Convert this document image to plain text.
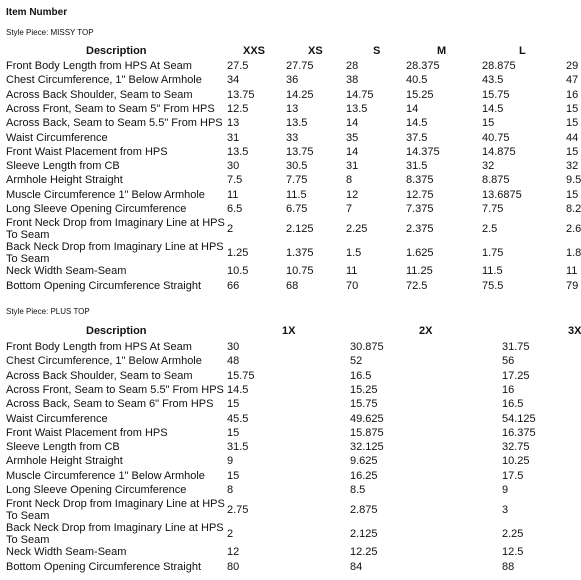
Item Number
Style Piece: MISSY TOP
Style Piece: PLUS TOP
Description	XXS	XS	S	M	L
Front Body Length from HPS At Seam	27.5	27.75	28	28.375	28.875	29
Chest Circumference, 1" Below Armhole 34	36	38	40.5	43.5	47
Across Back Shoulder, Seam to Seam	13.75	14.25	14.75	15.25	15.75	16
Across Front, Seam to Seam 5" From HPS 12.5	13	13.5	14	14.5	15
Across Back, Seam to Seam 5.5" From HPS 13	13.5	14	14.5	15	15
Waist Circumference	31	33	35	37.5	40.75	44
Front Waist Placement from HPS	13.5	13.75	14	14.375	14.875	15
Sleeve Length from CB	30	30.5	31	31.5	32	32
Armhole Height Straight	7.5	7.75	8	8.375	8.875	9.5
Muscle Circumference 1" Below Armhole 11	11.5	12	12.75	13.6875	15
Long Sleeve Opening Circumference	6.5	6.75	7	7.375	7.75	8.2
Front Neck Drop from Imaginary Line at HPS To Seam	2	2.125	2.25	2.375	2.5	2.6
Back Neck Drop from Imaginary Line at HPS To Seam	1.25	1.375	1.5	1.625	1.75	1.8
Neck Width Seam-Seam	10.5	10.75	11	11.25	11.5	11
Bottom Opening Circumference Straight 66	68	70	72.5	75.5	79
Description	1X	2X	3X
Front Body Length from HPS At Seam	30	30.875	31.75
Chest Circumference, 1" Below Armhole 48	52	56
Across Back Shoulder, Seam to Seam	15.75	16.5	17.25
Across Front, Seam to Seam 5.5" From HPS 14.5	15.25	16
Across Back, Seam to Seam 6" From HPS 15	15.75	16.5
Waist Circumference	45.5	49.625	54.125
Front Waist Placement from HPS	15	15.875	16.375
Sleeve Length from CB	31.5	32.125	32.75
Armhole Height Straight	9	9.625	10.25
Muscle Circumference 1" Below Armhole 15	16.25	17.5
Long Sleeve Opening Circumference	8	8.5	9
Front Neck Drop from Imaginary Line at HPS To Seam	2.75	2.875	3
Back Neck Drop from Imaginary Line at HPS To Seam	2	2.125	2.25
Neck Width Seam-Seam	12	12.25	12.5
Bottom Opening Circumference Straight 80	84	88
